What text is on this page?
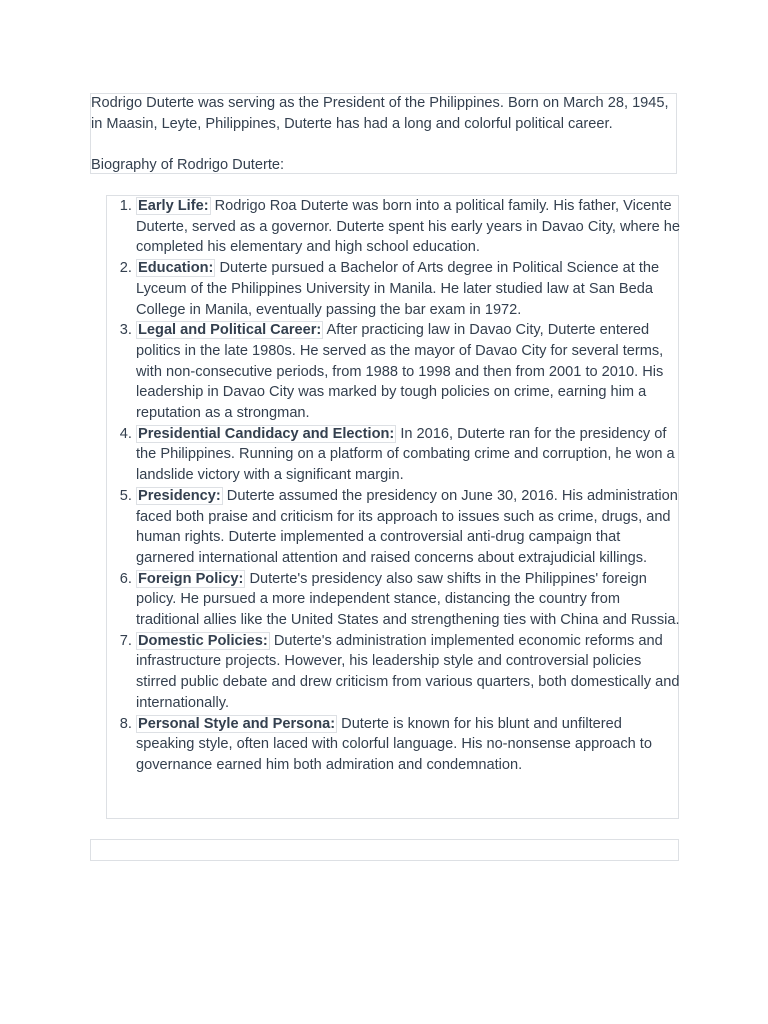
Rodrigo Duterte was serving as the President of the Philippines. Born on March 28, 1945, in Maasin, Leyte, Philippines, Duterte has had a long and colorful political career.

Biography of Rodrigo Duterte:

1. Early Life: Rodrigo Roa Duterte was born into a political family. His father, Vicente Duterte, served as a governor. Duterte spent his early years in Davao City, where he completed his elementary and high school education.
2. Education: Duterte pursued a Bachelor of Arts degree in Political Science at the Lyceum of the Philippines University in Manila. He later studied law at San Beda College in Manila, eventually passing the bar exam in 1972.
3. Legal and Political Career: After practicing law in Davao City, Duterte entered politics in the late 1980s. He served as the mayor of Davao City for several terms, with non-consecutive periods, from 1988 to 1998 and then from 2001 to 2010. His leadership in Davao City was marked by tough policies on crime, earning him a reputation as a strongman.
4. Presidential Candidacy and Election: In 2016, Duterte ran for the presidency of the Philippines. Running on a platform of combating crime and corruption, he won a landslide victory with a significant margin.
5. Presidency: Duterte assumed the presidency on June 30, 2016. His administration faced both praise and criticism for its approach to issues such as crime, drugs, and human rights. Duterte implemented a controversial anti-drug campaign that garnered international attention and raised concerns about extrajudicial killings.
6. Foreign Policy: Duterte's presidency also saw shifts in the Philippines' foreign policy. He pursued a more independent stance, distancing the country from traditional allies like the United States and strengthening ties with China and Russia.
7. Domestic Policies: Duterte's administration implemented economic reforms and infrastructure projects. However, his leadership style and controversial policies stirred public debate and drew criticism from various quarters, both domestically and internationally.
8. Personal Style and Persona: Duterte is known for his blunt and unfiltered speaking style, often laced with colorful language. His no-nonsense approach to governance earned him both admiration and condemnation.
